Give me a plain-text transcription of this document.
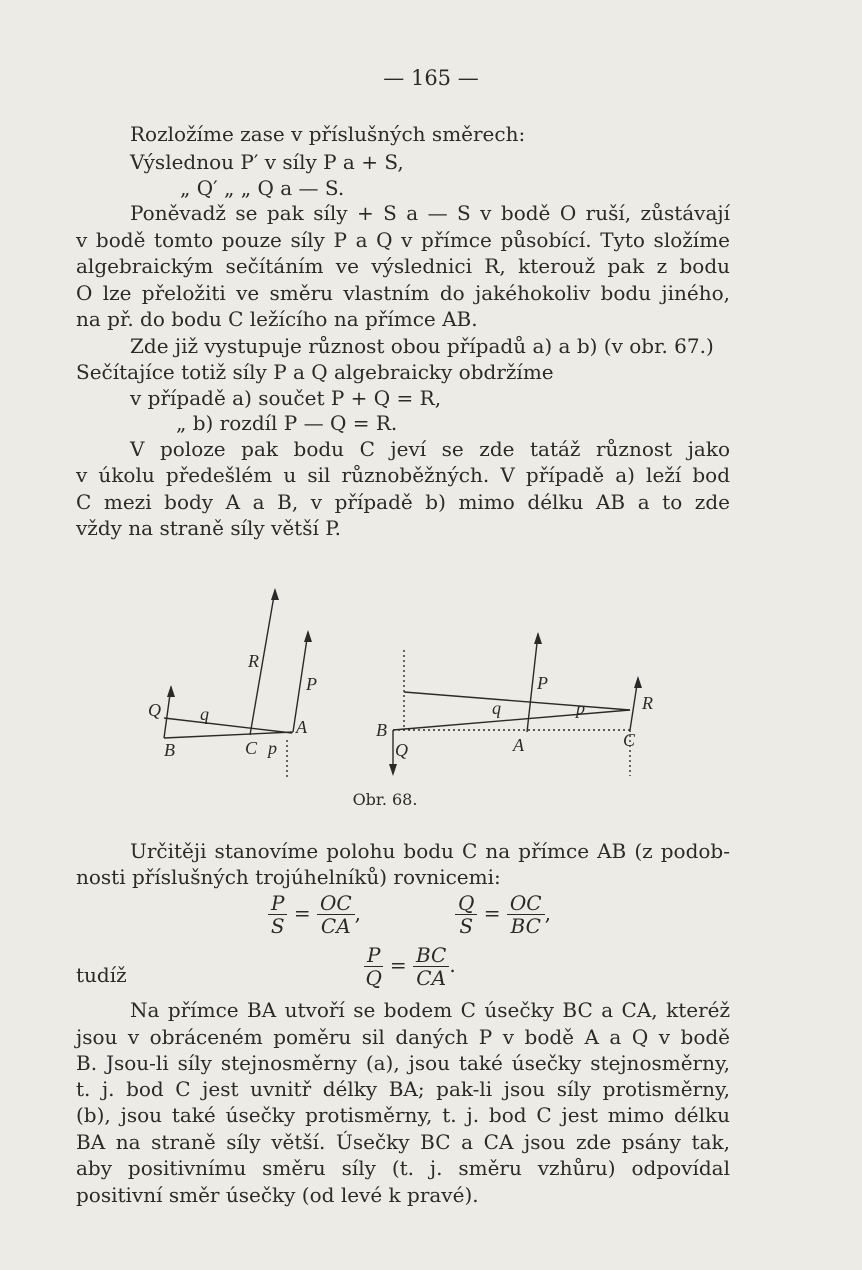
— 165 —
Rozložíme zase v příslušných směrech:
Výslednou P′ v síly P a + S,
„ Q′ „ „ Q a — S.
Poněvadž se pak síly + S a — S v bodě O ruší, zůstávají
v bodě tomto pouze síly P a Q v přímce působící. Tyto složíme
algebraickým sečítáním ve výslednici R, kterouž pak z bodu
O lze přeložiti ve směru vlastním do jakéhokoliv bodu jiného,
na př. do bodu C ležícího na přímce AB.
Zde již vystupuje různost obou případů a) a b) (v obr. 67.)
Sečítajíce totiž síly P a Q algebraicky obdržíme
v případě a) součet P + Q = R,
„ b) rozdíl P — Q = R.
V poloze pak bodu C jeví se zde tatáž různost jako
v úkolu předešlém u sil různoběžných. V případě a) leží bod
C mezi body A a B, v případě b) mimo délku AB a to zde
vždy na straně síly větší P.
R
P
Q q
B	C p
A
P
R
q	p
B
Q	A	C
Obr. 68.
Určitěji stanovíme polohu bodu C na přímce AB (z podob-
nosti příslušných trojúhelníků) rovnicemi:
$\frac{P}{S} = \frac{OC}{CA}$ ,	$\frac{Q}{S} = \frac{OC}{BC}$ ,
tudíž	$\frac{P}{Q} = \frac{BC}{CA}$ .
Na přímce BA utvoří se bodem C úsečky BC a CA, kteréž
jsou v obráceném poměru sil daných P v bodě A a Q v bodě
B. Jsou-li síly stejnosměrny (a), jsou také úsečky stejnosměrny,
t. j. bod C jest uvnitř délky BA; pak-li jsou síly protisměrny,
(b), jsou také úsečky protisměrny, t. j. bod C jest mimo délku
BA na straně síly větší. Úsečky BC a CA jsou zde psány tak,
aby positivnímu směru síly (t. j. směru vzhůru) odpovídal
positivní směr úsečky (od levé k pravé).
